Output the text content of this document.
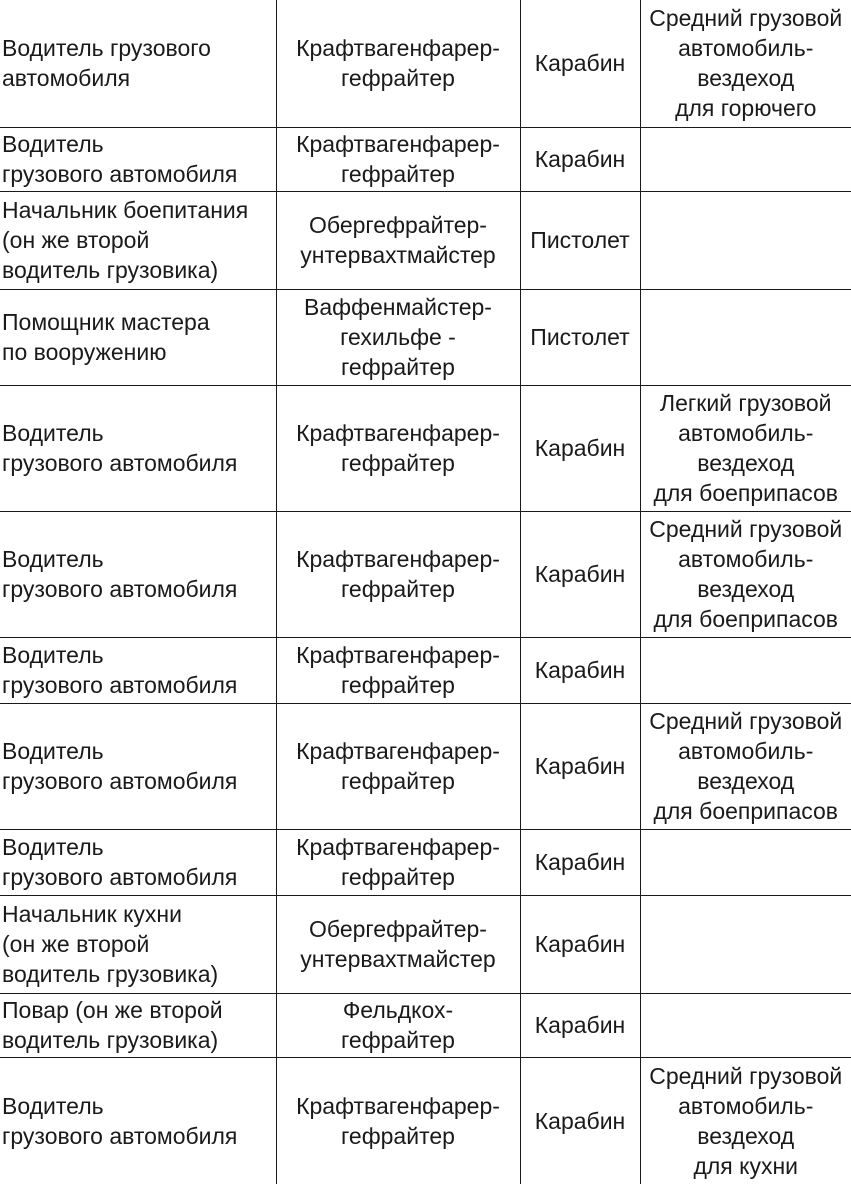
Водитель грузового
автомобиля	Крафтвагенфарер-
гефрайтер	Карабин	Средний грузовой
автомобиль-
вездеход
для горючего

Водитель
грузового автомобиля	Крафтвагенфарер-
гефрайтер	Карабин	

Начальник боепитания
(он же второй
водитель грузовика)	Обергефрайтер-
унтервахтмайстер	Пистолет	

Помощник мастера
по вооружению	Ваффенмайстер-
гехильфе -
гефрайтер	Пистолет	

Водитель
грузового автомобиля	Крафтвагенфарер-
гефрайтер	Карабин	Легкий грузовой
автомобиль-
вездеход
для боеприпасов

Водитель
грузового автомобиля	Крафтвагенфарер-
гефрайтер	Карабин	Средний грузовой
автомобиль-
вездеход
для боеприпасов

Водитель
грузового автомобиля	Крафтвагенфарер-
гефрайтер	Карабин	

Водитель
грузового автомобиля	Крафтвагенфарер-
гефрайтер	Карабин	Средний грузовой
автомобиль-
вездеход
для боеприпасов

Водитель
грузового автомобиля	Крафтвагенфарер-
гефрайтер	Карабин	

Начальник кухни
(он же второй
водитель грузовика)	Обергефрайтер-
унтервахтмайстер	Карабин	

Повар (он же второй
водитель грузовика)	Фельдкох-
гефрайтер	Карабин	

Водитель
грузового автомобиля	Крафтвагенфарер-
гефрайтер	Карабин	Средний грузовой
автомобиль-
вездеход
для кухни
